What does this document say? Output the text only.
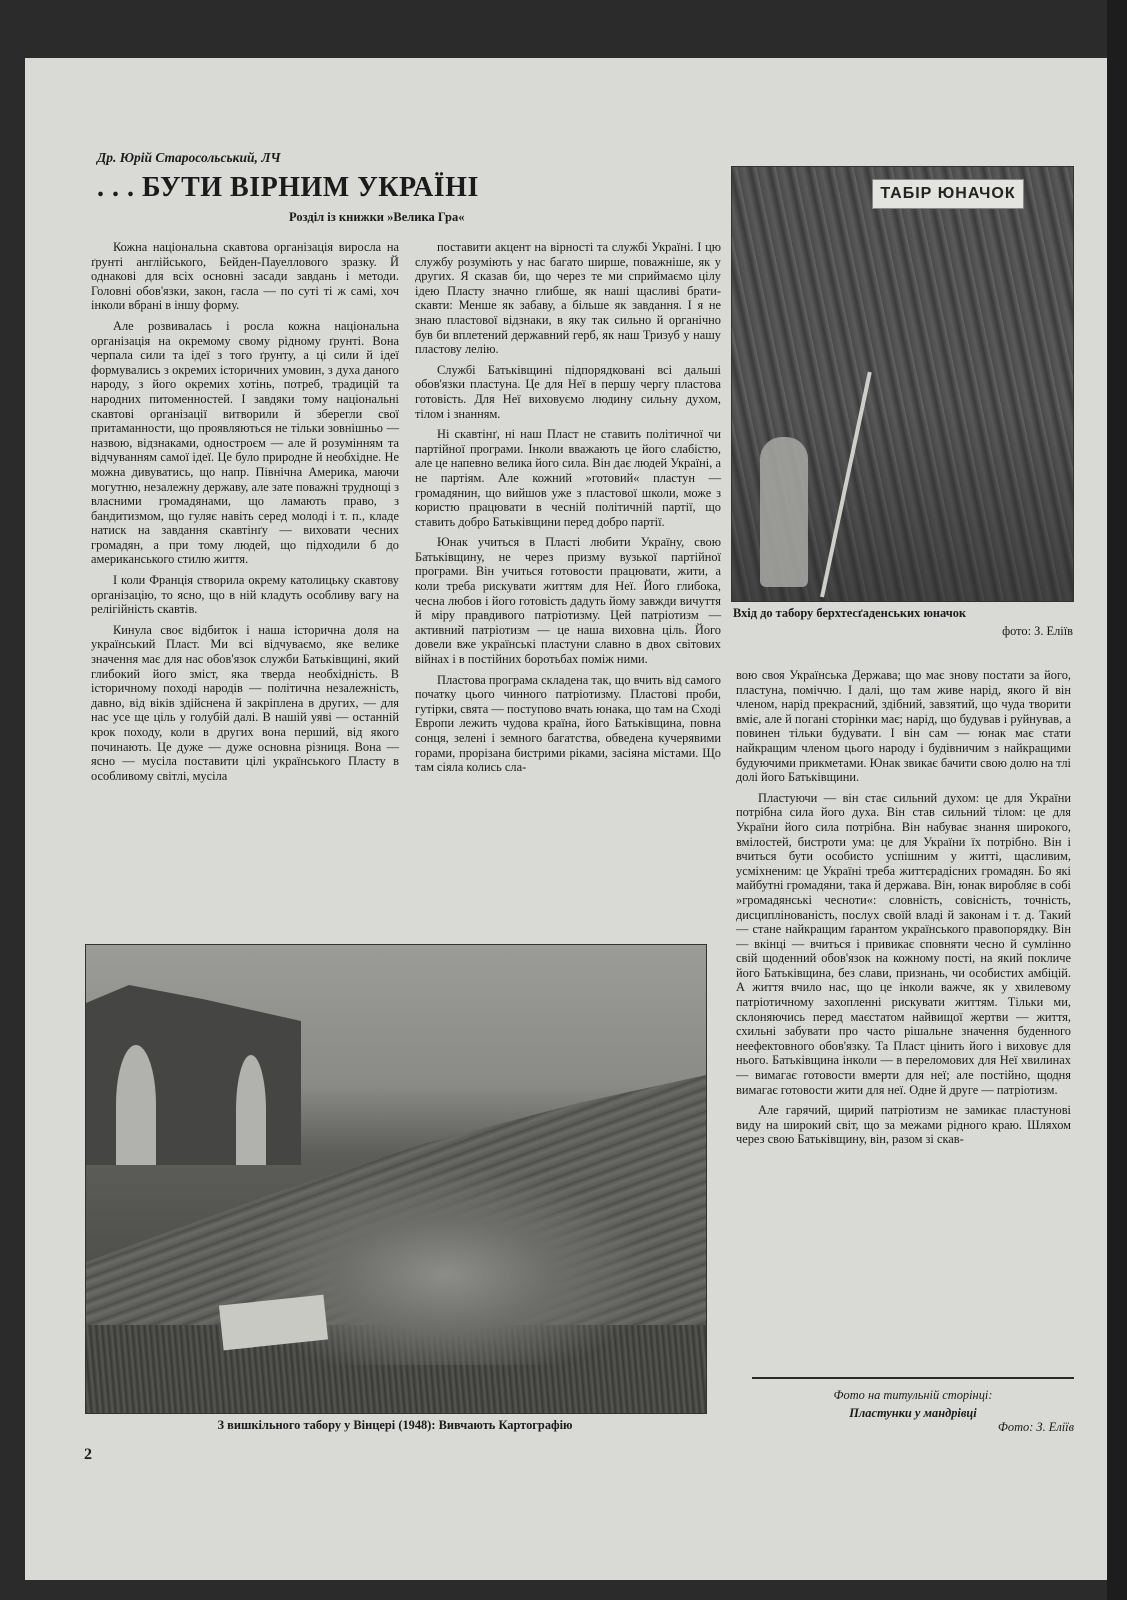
Др. Юрій Старосольський, ЛЧ
. . . БУТИ ВІРНИМ УКРАЇНІ
Розділ із книжки »Велика Гра«

Кожна національна скавтова організація виросла на ґрунті англійського, Бейден-Пауеллового зразку. Й однакові для всіх основні засади завдань і методи. Головні обов'язки, закон, гасла — по суті ті ж самі, хоч інколи вбрані в іншу форму.

Але розвивалась і росла кожна національна організація на окремому свому рідному ґрунті. Вона черпала сили та ідеї з того ґрунту, а ці сили й ідеї формувались з окремих історичних умовин, з духа даного народу, з його окремих хотінь, потреб, традицій та народних питоменностей. І завдяки тому національні скавтові організації витворили й зберегли свої притаманности, що проявляються не тільки зовнішньо — назвою, відзнаками, одностроєм — але й розумінням та відчуванням самої ідеї. Це було природне й необхідне. Не можна дивуватись, що напр. Північна Америка, маючи могутню, незалежну державу, але зате поважні труднощі з власними громадянами, що ламають право, з бандитизмом, що гуляє навіть серед молоді і т. п., кладе натиск на завдання скавтінґу — виховати чесних громадян, а при тому людей, що підходили б до американського стилю життя.

І коли Франція створила окрему католицьку скавтову організацію, то ясно, що в ній кладуть особливу вагу на релігійність скавтів.

Кинула своє відбиток і наша історична доля на український Пласт. Ми всі відчуваємо, яке велике значення має для нас обов'язок служби Батьківщині, який глибокий його зміст, яка тверда необхідність. В історичному поході народів — політична незалежність, давно, від віків здійснена й закріплена в других, — для нас усе ще ціль у голубій далі. В нашій уяві — останній крок походу, коли в других вона перший, від якого починають. Це дуже — дуже основна різниця. Вона — ясно — мусіла поставити цілі українського Пласту в особливому світлі, мусіла

поставити акцент на вірності та службі Україні. І цю службу розуміють у нас багато ширше, поважніше, як у других. Я сказав би, що через те ми сприймаємо цілу ідею Пласту значно глибше, як наші щасливі брати-скавти: Менше як забаву, а більше як завдання. І я не знаю пластової відзнаки, в яку так сильно й органічно був би вплетений державний герб, як наш Тризуб у нашу пластову лелію.

Службі Батьківщині підпорядковані всі дальші обов'язки пластуна. Це для Неї в першу чергу пластова готовість. Для Неї виховуємо людину сильну духом, тілом і знанням.

Ні скавтінґ, ні наш Пласт не ставить політичної чи партійної програми. Інколи вважають це його слабістю, але це напевно велика його сила. Він дає людей Україні, а не партіям. Але кожний »готовий« пластун — громадянин, що вийшов уже з пластової школи, може з користю працювати в чесній політичній партії, що ставить добро Батьківщини перед добро партії.

Юнак учиться в Пласті любити Україну, свою Батьківщину, не через призму вузької партійної програми. Він учиться готовости працювати, жити, а коли треба рискувати життям для Неї. Його глибока, чесна любов і його готовість дадуть йому завжди вичуття й міру правдивого патріотизму. Цей патріотизм — активний патріотизм — це наша виховна ціль. Його довели вже українські пластуни славно в двох світових війнах і в постійних боротьбах поміж ними.

Пластова програма складена так, що вчить від самого початку цього чинного патріотизму. Пластові проби, гутірки, свята — поступово вчать юнака, що там на Сході Европи лежить чудова країна, його Батьківщина, повна сонця, зелені і земного багатства, обведена кучерявими горами, прорізана бистрими ріками, засіяна містами. Що там сіяла колись сла-

ТАБІР ЮНАЧОК
Вхід до табору берхтесґаденських юначок
фото: З. Еліїв

вою своя Українська Держава; що має знову постати за його, пластуна, поміччю. І далі, що там живе нарід, якого й він членом, нарід прекрасний, здібний, завзятий, що чуда творити вміє, але й погані сторінки має; нарід, що будував і руйнував, а повинен тільки будувати. І він сам — юнак має стати найкращим членом цього народу і будівничим з найкращими будуючими прикметами. Юнак звикає бачити свою долю на тлі долі його Батьківщини.

Пластуючи — він стає сильний духом: це для України потрібна сила його духа. Він став сильний тілом: це для України його сила потрібна. Він набуває знання широкого, вмілостей, бистроти ума: це для України їх потрібно. Він і вчиться бути особисто успішним у житті, щасливим, усміхненим: це Україні треба життєрадісних громадян. Бо які майбутні громадяни, така й держава. Він, юнак виробляє в собі »громадянські чесноти«: словність, совісність, точність, дисциплінованість, послух своїй владі й законам і т. д. Такий — стане найкращим ґарантом українського правопорядку. Він — вкінці — вчиться і привикає сповняти чесно й сумлінно свій щоденний обов'язок на кожному пості, на який покличе його Батьківщина, без слави, признань, чи особистих амбіцій. А життя вчило нас, що це інколи важче, як у хвилевому патріотичному захопленні рискувати життям. Тільки ми, склоняючись перед маєстатом найвищої жертви — життя, схильні забувати про часто рішальне значення буденного неефектовного обов'язку. Та Пласт цінить його і виховує для нього. Батьківщина інколи — в переломових для Неї хвилинах — вимагає готовости вмерти для неї; але постійно, щодня вимагає готовости жити для неї. Одне й друге — патріотизм.

Але гарячий, щирий патріотизм не замикає пластунові виду на широкий світ, що за межами рідного краю. Шляхом через свою Батьківщину, він, разом зі скав-

З вишкільного табору у Вінцері (1948): Вивчають Картографію
Фото на титульній сторінці:
Пластунки у мандрівці
Фото: З. Еліїв
2
